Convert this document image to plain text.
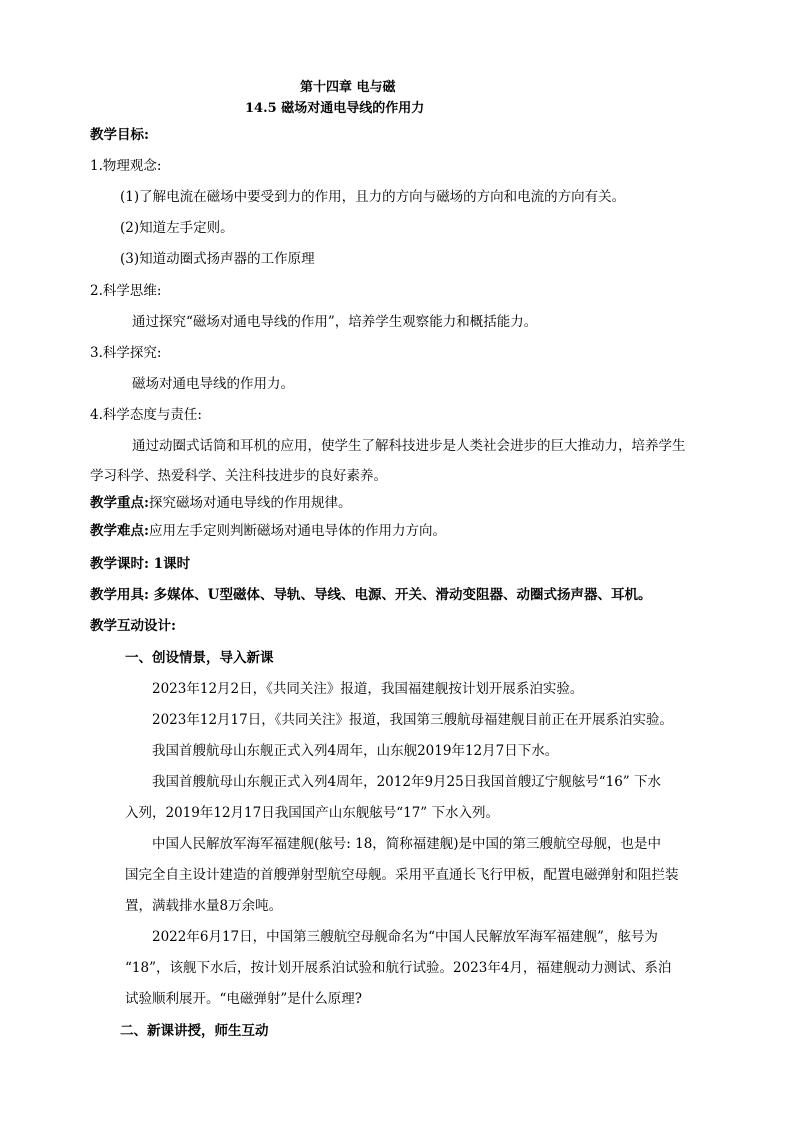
第十四章 电与磁
14.5 磁场对通电导线的作用力
教学目标:
1.物理观念:
(1)了解电流在磁场中要受到力的作用，且力的方向与磁场的方向和电流的方向有关。
(2)知道左手定则。
(3)知道动圈式扬声器的工作原理
2.科学思维:
通过探究“磁场对通电导线的作用”，培养学生观察能力和概括能力。
3.科学探究:
磁场对通电导线的作用力。
4.科学态度与责任:
通过动圈式话筒和耳机的应用，使学生了解科技进步是人类社会进步的巨大推动力，培养学生
学习科学、热爱科学、关注科技进步的良好素养。
教学重点:探究磁场对通电导线的作用规律。
教学难点:应用左手定则判断磁场对通电导体的作用力方向。
教学课时: 1课时
教学用具: 多媒体、U型磁体、导轨、导线、电源、开关、滑动变阻器、动圈式扬声器、耳机。
教学互动设计:
一、创设情景，导入新课
2023年12月2日，《共同关注》报道，我国福建舰按计划开展系泊实验。
2023年12月17日，《共同关注》报道，我国第三艘航母福建舰目前正在开展系泊实验。
我国首艘航母山东舰正式入列4周年，山东舰2019年12月7日下水。
我国首艘航母山东舰正式入列4周年，2012年9月25日我国首艘辽宁舰舷号“16” 下水
入列，2019年12月17日我国国产山东舰舷号“17” 下水入列。
中国人民解放军海军福建舰(舷号: 18，简称福建舰)是中国的第三艘航空母舰，也是中
国完全自主设计建造的首艘弹射型航空母舰。采用平直通长飞行甲板，配置电磁弹射和阻拦装
置，满载排水量8万余吨。
2022年6月17日，中国第三艘航空母舰命名为“中国人民解放军海军福建舰”，舷号为
“18”，该舰下水后，按计划开展系泊试验和航行试验。2023年4月，福建舰动力测试、系泊
试验顺利展开。“电磁弹射”是什么原理?
二、新课讲授，师生互动
